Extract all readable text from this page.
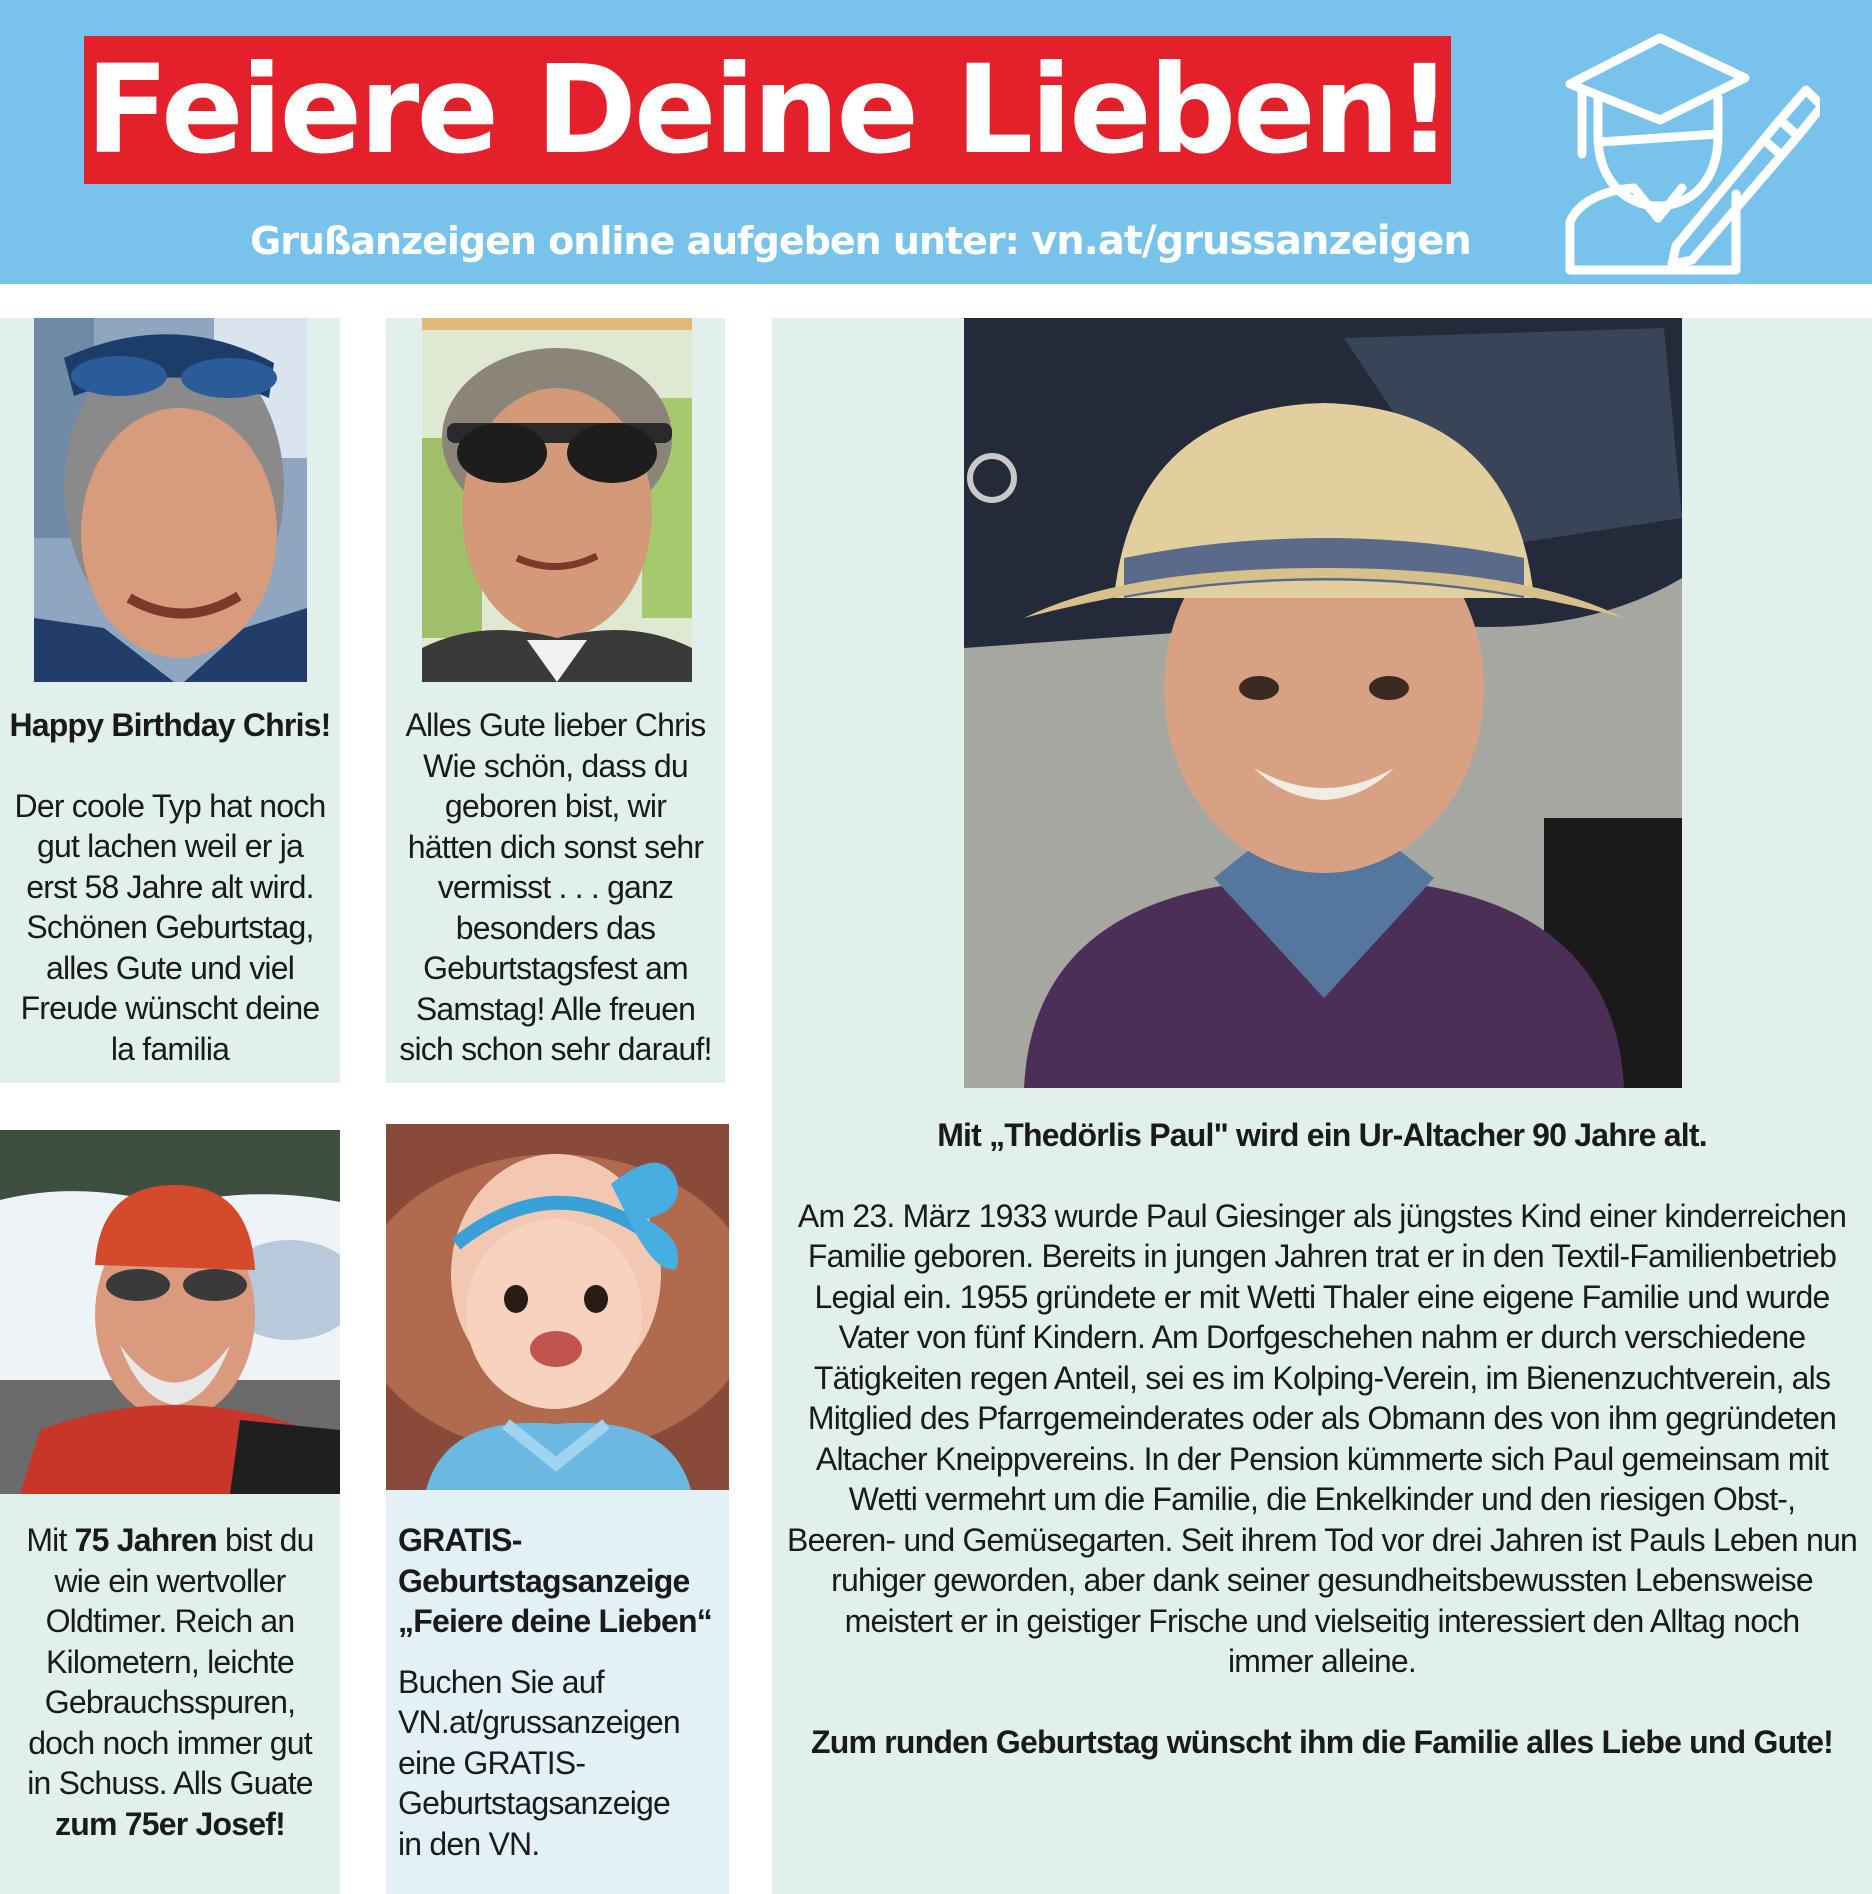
Feiere Deine Lieben!
Grußanzeigen online aufgeben unter: vn.at/grussanzeigen

Happy Birthday Chris!

Der coole Typ hat noch

gut lachen weil er ja

erst 58 Jahre alt wird.

Schönen Geburtstag,

alles Gute und viel

Freude wünscht deine

la familia

Alles Gute lieber Chris

Wie schön, dass du

geboren bist, wir

hätten dich sonst sehr

vermisst . . . ganz

besonders das

Geburtstagsfest am

Samstag! Alle freuen

sich schon sehr darauf!

Mit 75 Jahren bist du

wie ein wertvoller

Oldtimer. Reich an

Kilometern, leichte

Gebrauchsspuren,

doch noch immer gut

in Schuss. Alls Guate

zum 75er Josef!

GRATIS-

Geburtstagsanzeige

„Feiere deine Lieben“

Buchen Sie auf

VN.at/grussanzeigen

eine GRATIS-

Geburtstagsanzeige

in den VN.

Mit „Thedörlis Paul" wird ein Ur-Altacher 90 Jahre alt.

Am 23. März 1933 wurde Paul Giesinger als jüngstes Kind einer kinderreichen

Familie geboren. Bereits in jungen Jahren trat er in den Textil-Familienbetrieb

Legial ein. 1955 gründete er mit Wetti Thaler eine eigene Familie und wurde

Vater von fünf Kindern. Am Dorfgeschehen nahm er durch verschiedene

Tätigkeiten regen Anteil, sei es im Kolping-Verein, im Bienenzuchtverein, als

Mitglied des Pfarrgemeinderates oder als Obmann des von ihm gegründeten

Altacher Kneippvereins. In der Pension kümmerte sich Paul gemeinsam mit

Wetti vermehrt um die Familie, die Enkelkinder und den riesigen Obst-,

Beeren- und Gemüsegarten. Seit ihrem Tod vor drei Jahren ist Pauls Leben nun

ruhiger geworden, aber dank seiner gesundheitsbewussten Lebensweise

meistert er in geistiger Frische und vielseitig interessiert den Alltag noch

immer alleine.

Zum runden Geburtstag wünscht ihm die Familie alles Liebe und Gute!
